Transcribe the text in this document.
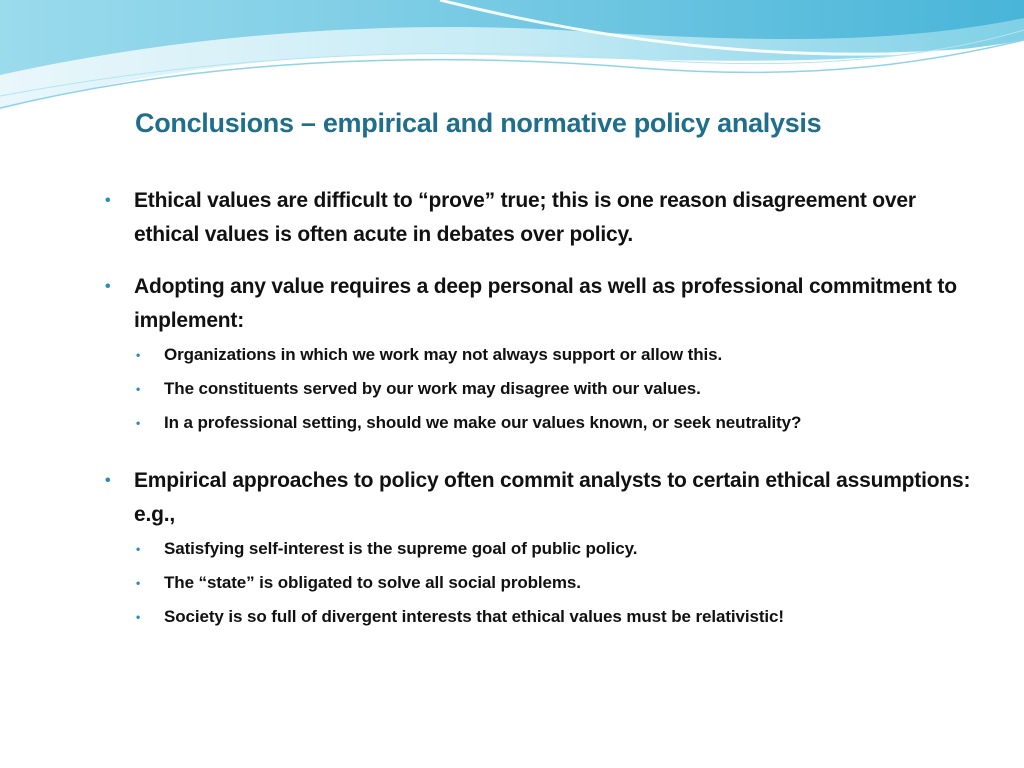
Conclusions – empirical and normative policy analysis
• Ethical values are difficult to “prove” true; this is one reason disagreement over ethical values is often acute in debates over policy.
• Adopting any value requires a deep personal as well as professional commitment to implement:
• Organizations in which we work may not always support or allow this.
• The constituents served by our work may disagree with our values.
• In a professional setting, should we make our values known, or seek neutrality?
• Empirical approaches to policy often commit analysts to certain ethical assumptions: e.g.,
• Satisfying self-interest is the supreme goal of public policy.
• The “state” is obligated to solve all social problems.
• Society is so full of divergent interests that ethical values must be relativistic!
